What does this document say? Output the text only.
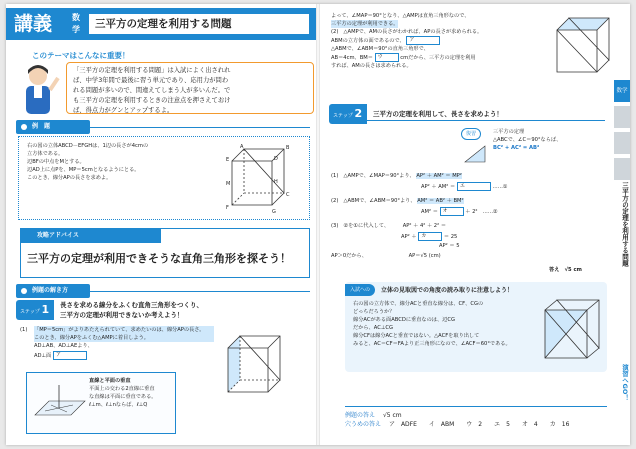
講義	数学	三平方の定理を利用する問題
このテーマはこんなに重要！
「三平方の定理を利用する問題」は入試によく出されれ
ば、中学3年間で最後に習う単元であり、応用力が問わ
れる問題が多いので、間違えてしまう人が多いんだ。で
も三平方の定理を利用するときの注意点を押さえておけ
ば、得点力がグンとアップするよ。
例　題
右の図の立体ABCD－EFGHは、1辺の長さが4cmの
立方体である。
辺BFの中点をMとする。
辺AD上に点Pを、MP＝5cmとなるようにとる。
このとき、線分APの長さを求めよ。
E
A	B
D
F
G
C
H
M
攻略アドバイス
三平方の定理が利用できそうな直角三角形を探そう！
例題の解き方
ステップ 1	長さを求める線分をふくむ直角三角形をつくり、
三平方の定理が利用できないか考えよう！
(1) 「MP＝5cm」がよりあたえられていて、求めたいのは、線分APの長さ。
このとき、線分APをふくむ△AMPに着目しよう。
AD⊥AB、AD⊥AEより、
AD⊥面 ア
直線と平面の垂直
平面上の交わる2直線に垂直
な直線は平面に垂直である。
ℓ⊥m、ℓ⊥nならば、ℓ⊥Q
よって、∠MAP＝90°となり、△AMPは直角三角形なので、
三平方の定理が利用できる。
(2)　△AMPで、AMの長さがわかれば、APの長さが求められる。
ABMの立方体の面であるので、 ア
△ABMで、∠ABM＝90°の直角三角形で、
AB＝4cm、BM＝ ウ	cmだから、三平方の定理を利用
すれば、AMの長さは求められる。
数学
三平方の定理を利用する問題
演習へGO！
ステップ 2	三平方の定理を利用して、長さを求めよう！
復習	三平方の定理
△ABCで、∠C＝90°ならば、
BC² + AC² = AB²
(1)　△AMPで、∠MAP＝90°より、 AP² ＋ AM² ＝ MP²
AP² ＋ AM² ＝ エ	……①
(2)　△ABMで、∠ABM＝90°より、 AM² ＝ AB² ＋ BM²
AM² ＝ オ	＋ 2²　……②
(3)　②を①に代入して、	AP² ＋ 4² ＋ 2² ＝
AP² ＋ カ	＝ 25
AP² ＝ 5
AP＞0だから、	AP＝√5 (cm)
答え　√5 cm
入試への	立体の見取図での角度の読み取りに注意しよう！
右の図の立方体で、線分ACと垂直な線分は、CF、CGの
どっちだろうか？
線分ACがある面ABCDに垂直なのは、辺CG
だから、AC⊥CG
線分CFは線分ACと垂直ではない。△ACFを取り出して
みると、AC＝CF＝FAより正三角形になので、∠ACF＝60°である。
例題の答え √5 cm
穴うめの答え ア　ADFE　　イ　ABM　　ウ　2　　エ　5　　オ　4　　カ　16
